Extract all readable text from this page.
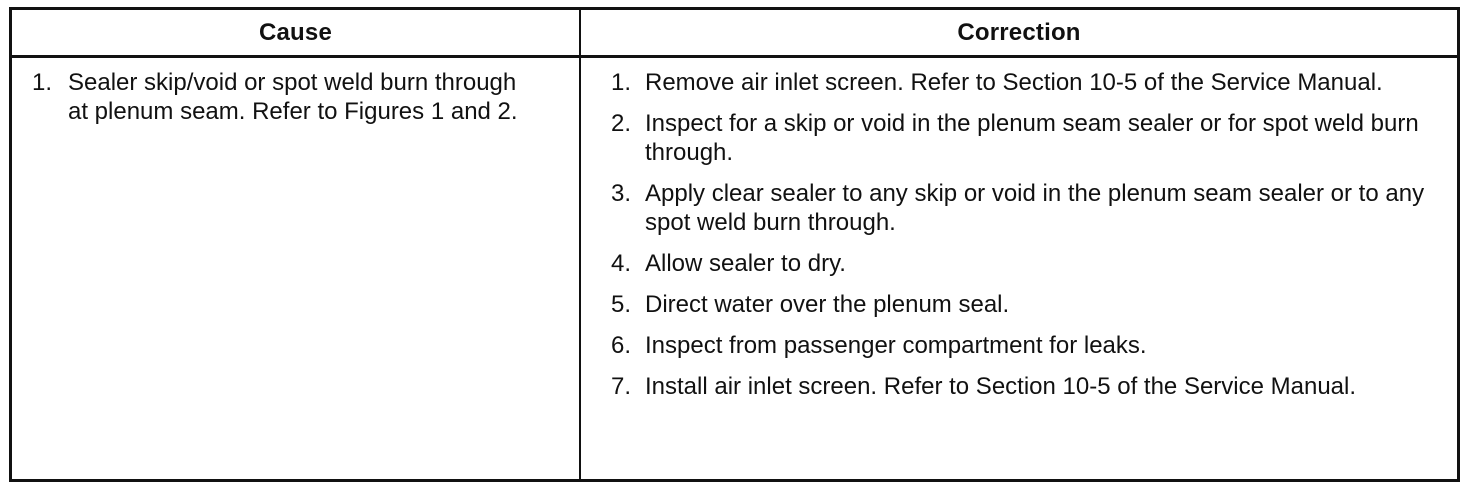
Cause	Correction
1. Sealer skip/void or spot weld burn through at plenum seam. Refer to Figures 1 and 2.
1. Remove air inlet screen. Refer to Section 10-5 of the Service Manual.
2. Inspect for a skip or void in the plenum seam sealer or for spot weld burn through.
3. Apply clear sealer to any skip or void in the plenum seam sealer or to any spot weld burn through.
4. Allow sealer to dry.
5. Direct water over the plenum seal.
6. Inspect from passenger compartment for leaks.
7. Install air inlet screen. Refer to Section 10-5 of the Service Manual.
